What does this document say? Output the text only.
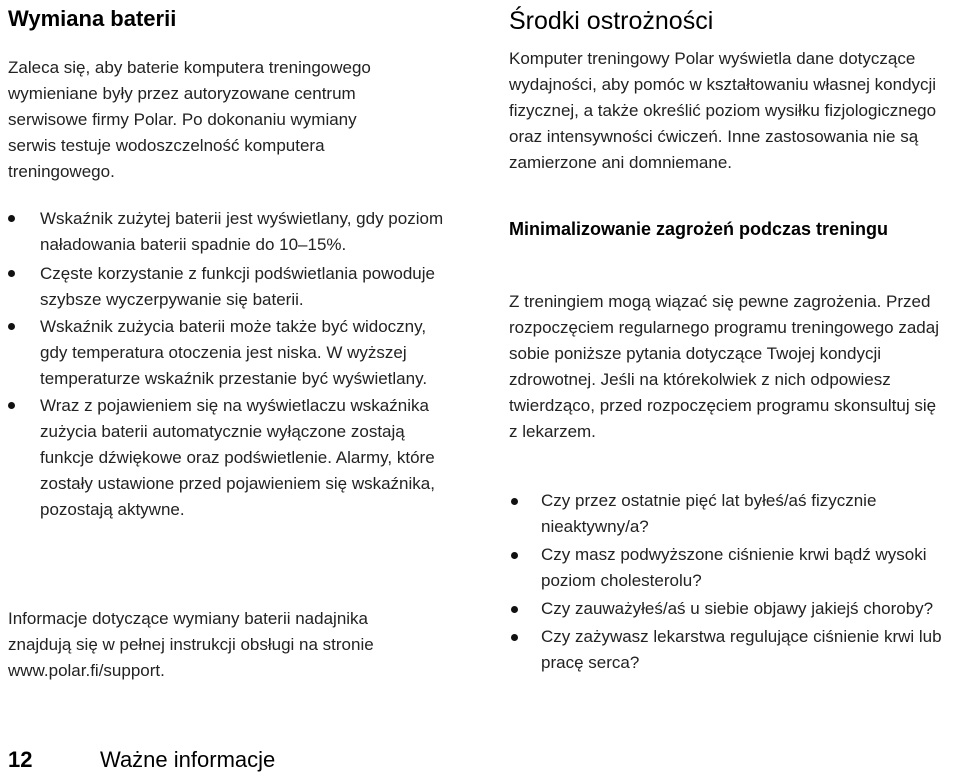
Wymiana baterii

Zaleca się, aby baterie komputera treningowego wymieniane były przez autoryzowane centrum serwisowe firmy Polar. Po dokonaniu wymiany serwis testuje wodoszczelność komputera treningowego.

Wskaźnik zużytej baterii jest wyświetlany, gdy poziom naładowania baterii spadnie do 10–15%.
Częste korzystanie z funkcji podświetlania powoduje szybsze wyczerpywanie się baterii.
Wskaźnik zużycia baterii może także być widoczny, gdy temperatura otoczenia jest niska. W wyższej temperaturze wskaźnik przestanie być wyświetlany.
Wraz z pojawieniem się na wyświetlaczu wskaźnika zużycia baterii automatycznie wyłączone zostają funkcje dźwiękowe oraz podświetlenie. Alarmy, które zostały ustawione przed pojawieniem się wskaźnika, pozostają aktywne.

Informacje dotyczące wymiany baterii nadajnika znajdują się w pełnej instrukcji obsługi na stronie www.polar.fi/support.

Środki ostrożności

Komputer treningowy Polar wyświetla dane dotyczące wydajności, aby pomóc w kształtowaniu własnej kondycji fizycznej, a także określić poziom wysiłku fizjologicznego oraz intensywności ćwiczeń. Inne zastosowania nie są zamierzone ani domniemane.

Minimalizowanie zagrożeń podczas treningu

Z treningiem mogą wiązać się pewne zagrożenia. Przed rozpoczęciem regularnego programu treningowego zadaj sobie poniższe pytania dotyczące Twojej kondycji zdrowotnej. Jeśli na którekolwiek z nich odpowiesz twierdząco, przed rozpoczęciem programu skonsultuj się z lekarzem.

Czy przez ostatnie pięć lat byłeś/aś fizycznie nieaktywny/a?
Czy masz podwyższone ciśnienie krwi bądź wysoki poziom cholesterolu?
Czy zauważyłeś/aś u siebie objawy jakiejś choroby?
Czy zażywasz lekarstwa regulujące ciśnienie krwi lub pracę serca?
12	Ważne informacje
